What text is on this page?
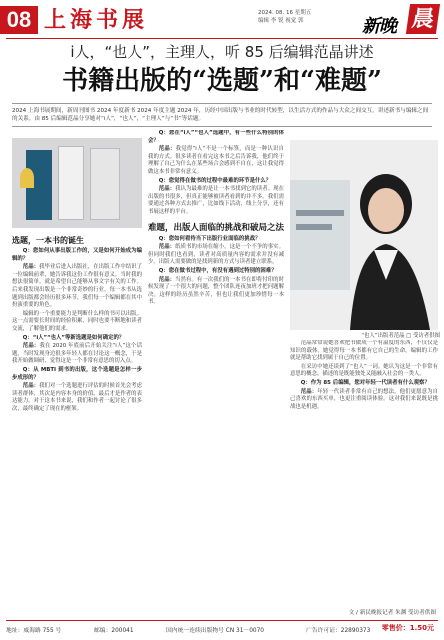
08 上海书展	2024. 08. 16 星期五
编辑 李 锐 视觉 郭	新晚 晨
i人，“也人”，主理人，听 85 后编辑范晶讲述
书籍出版的“选题”和“难题”
2024 上海书展期间，新周刊图书 2024 年度新书 2024 年度主题 2024 年，历经中国出版与书业的时代转型，以生活方式的作品与大众之间交互，讲述新书与编辑之间的关系。由 85 后编辑范晶分享她对“i人”，“也人”，“主理人”与“书”等话题。
选题，一本书的诞生

Q：您如何从事出版工作的，又是如何开始成为编辑的？

范晶：我毕业后进入出版社，在出版工作中结识了一位编辑前辈，她告诉我这份工作很有意义。当时我的想法很简单，就是希望自己能够从事文字有关的工作。后来我发现出版是一个非常奇妙的行业，每一本书从选题到出版都会经历很多环节，我们每一个编辑都在其中扮演重要的角色。

编辑的一个重要能力是判断什么样的书可以出版。这一点需要长时间的经验积累，同时也要不断地和读者交流，了解他们的需求。

Q：“i人”“也人”等新选题是如何确定的？

范晶：我在 2020 年底前后开始关注“i人”这个话题，当时发现身边很多年轻人都在讨论这一概念，于是我开始做调研，觉得这是一个非常有意思的切入点。

Q：从 MBTI 到书的出版，这个选题是怎样一步步成形的？

范晶：我们对一个选题进行评估的时候首先会考虑读者群体，其次是内容本身的价值，最后才是作者的表达能力。对于这本书来说，我们和作者一起讨论了很多次，最终确定了现在的框架。

Q：您在“i人”“也人”选题中，有一些什么特别的体会？

范晶：我觉得“i人”不是一个标签，而是一种认识自我的方式。很多读者在看完这本书之后告诉我，他们终于理解了自己为什么在某些场合会感到不自在，这让我觉得做这本书非常有意义。

Q：您觉得在做书的过程中最难的环节是什么？

范晶：我认为最难的是让一本书找到它的读者。现在出版的书很多，但真正能够被读者看到的并不多。我们需要通过各种方式去推广，比如线下活动、线上分享，还有书展这样的平台。

难题，出版人面临的挑战和破局之法

Q：您如何看待当下出版行业面临的挑战？

范晶：纸质书的市场在缩小，这是一个不争的事实。但同时我们也看到，读者对高质量内容的需求并没有减少。出版人需要做的是找到新的方式与读者建立联系。

Q：您在做书过程中，有没有遇到过特别的困难？

范晶：当然有。有一次我们的一本书在即将付印的时候发现了一个很大的问题，整个团队连夜加班才把问题解决。这样的经历虽然辛苦，但也让我们更加珍惜每一本书。

“也人”出版者范晶 □ 受访者供图

范晶常常说她喜欢把书做成一个有温度的东西，不仅仅是知识的载体。她觉得每一本书都有它自己的生命，编辑的工作就是帮助它找到属于自己的位置。

在采访中她还谈到了“也人”一词。她认为这是一个非常有意思的概念，描述的是既能独处又能融入社会的一类人。

Q：作为 85 后编辑，您对年轻一代读者有什么观察？

范晶：年轻一代读者非常有自己的想法，他们更愿意为自己喜欢的东西买单，也更注重阅读体验。这对我们来说既是挑战也是机遇。

文 / 新民晚报记者 朱渊 受访者供图
地址：威海路 755 号	邮编：200041	国内统一连续出版物号 CN 31－0070	广告许可证：22890373 零售价：1.50元
